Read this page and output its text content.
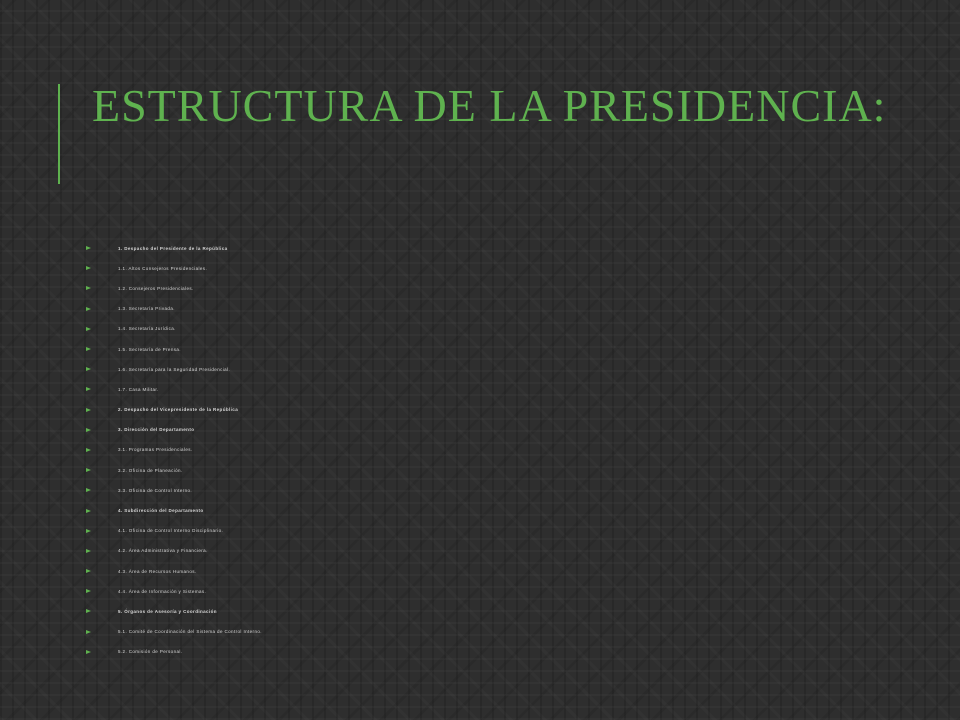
ESTRUCTURA DE LA PRESIDENCIA:
1. Despacho del Presidente de la República
1.1. Altos Consejeros Presidenciales.
1.2. Consejeros Presidenciales.
1.3. Secretaría Privada.
1.4. Secretaría Jurídica.
1.5. Secretaría de Prensa.
1.6. Secretaría para la Seguridad Presidencial.
1.7. Casa Militar.
2. Despacho del Vicepresidente de la República
3. Dirección del Departamento
3.1. Programas Presidenciales.
3.2. Oficina de Planeación.
3.3. Oficina de Control Interno.
4. Subdirección del Departamento
4.1. Oficina de Control Interno Disciplinario.
4.2. Área Administrativa y Financiera.
4.3. Área de Recursos Humanos.
4.4. Área de Información y Sistemas.
5. Órganos de Asesoría y Coordinación
5.1. Comité de Coordinación del Sistema de Control Interno.
5.2. Comisión de Personal.
